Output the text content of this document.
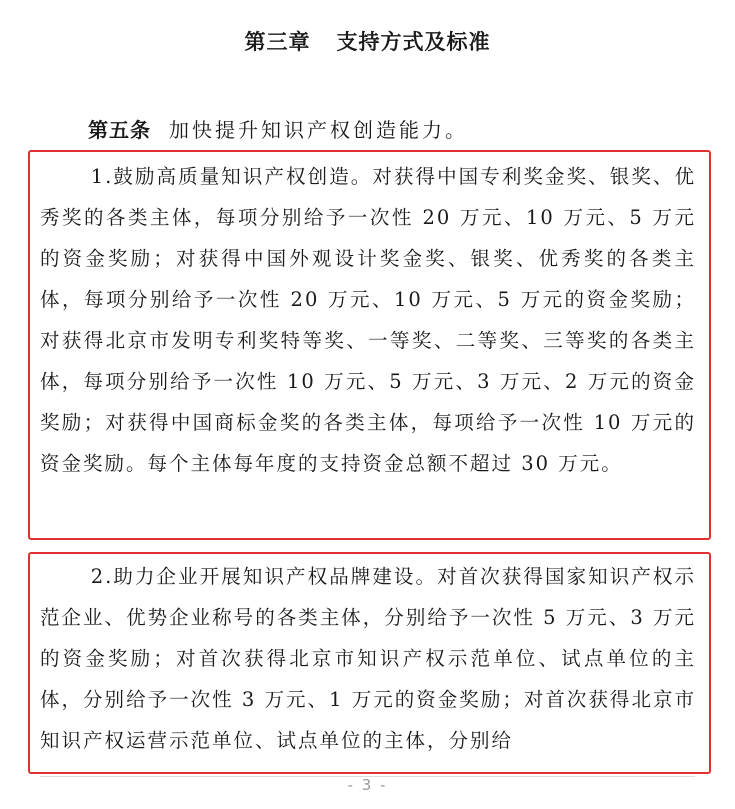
第三章 支持方式及标准
第五条 加快提升知识产权创造能力。

1.鼓励高质量知识产权创造。对获得中国专利奖金奖、银奖、优秀奖的各类主体，每项分别给予一次性 20 万元、10 万元、5 万元的资金奖励；对获得中国外观设计奖金奖、银奖、优秀奖的各类主体，每项分别给予一次性 20 万元、10 万元、5 万元的资金奖励；对获得北京市发明专利奖特等奖、一等奖、二等奖、三等奖的各类主体，每项分别给予一次性 10 万元、5 万元、3 万元、2 万元的资金奖励；对获得中国商标金奖的各类主体，每项给予一次性 10 万元的资金奖励。每个主体每年度的支持资金总额不超过 30 万元。

2.助力企业开展知识产权品牌建设。对首次获得国家知识产权示范企业、优势企业称号的各类主体，分别给予一次性 5 万元、3 万元的资金奖励；对首次获得北京市知识产权示范单位、试点单位的主体，分别给予一次性 3 万元、1 万元的资金奖励；对首次获得北京市知识产权运营示范单位、试点单位的主体，分别给

- 3 -
